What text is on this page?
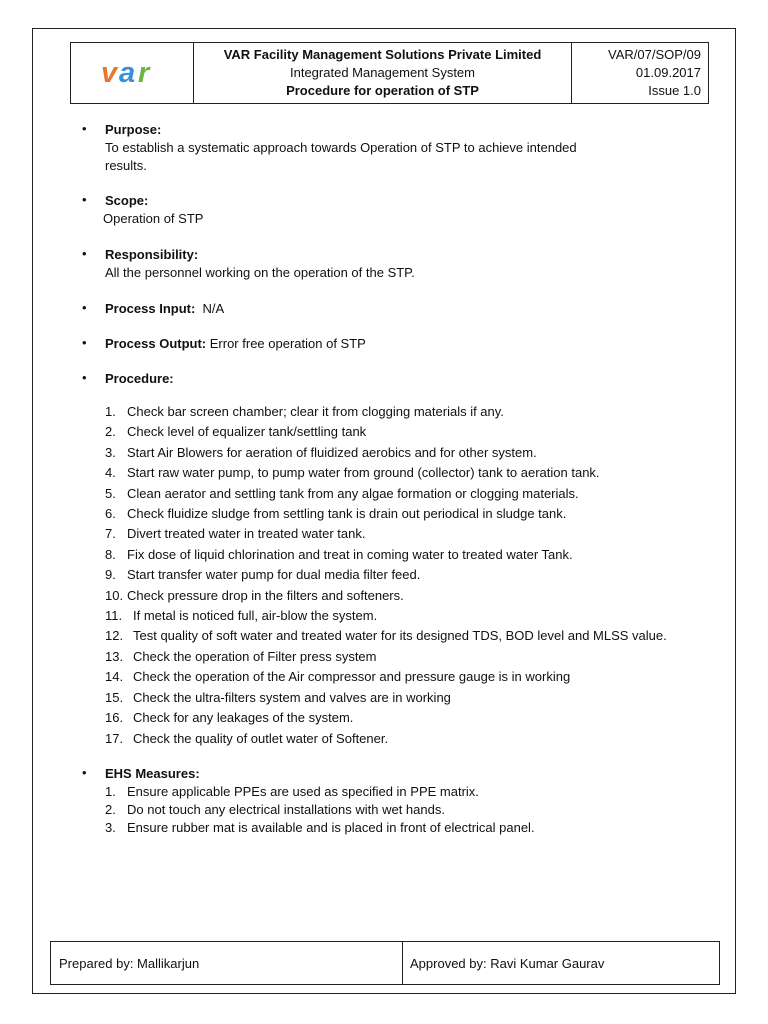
v a r
VAR Facility Management Solutions Private Limited
Integrated Management System
Procedure for operation of STP
VAR/07/SOP/09
01.09.2017
Issue 1.0
• Purpose:
To establish a systematic approach towards Operation of STP to achieve intended
results.
• Scope:
Operation of STP
• Responsibility:
All the personnel working on the operation of the STP.
• Process Input: N/A
• Process Output: Error free operation of STP
• Procedure:
1. Check bar screen chamber; clear it from clogging materials if any.
2. Check level of equalizer tank/settling tank
3. Start Air Blowers for aeration of fluidized aerobics and for other system.
4. Start raw water pump, to pump water from ground (collector) tank to aeration tank.
5. Clean aerator and settling tank from any algae formation or clogging materials.
6. Check fluidize sludge from settling tank is drain out periodical in sludge tank.
7. Divert treated water in treated water tank.
8. Fix dose of liquid chlorination and treat in coming water to treated water Tank.
9. Start transfer water pump for dual media filter feed.
10. Check pressure drop in the filters and softeners.
11. If metal is noticed full, air-blow the system.
12. Test quality of soft water and treated water for its designed TDS, BOD level and MLSS value.
13. Check the operation of Filter press system
14. Check the operation of the Air compressor and pressure gauge is in working
15. Check the ultra-filters system and valves are in working
16. Check for any leakages of the system.
17. Check the quality of outlet water of Softener.
• EHS Measures:
1. Ensure applicable PPEs are used as specified in PPE matrix.
2. Do not touch any electrical installations with wet hands.
3. Ensure rubber mat is available and is placed in front of electrical panel.
Prepared by: Mallikarjun	Approved by: Ravi Kumar Gaurav
